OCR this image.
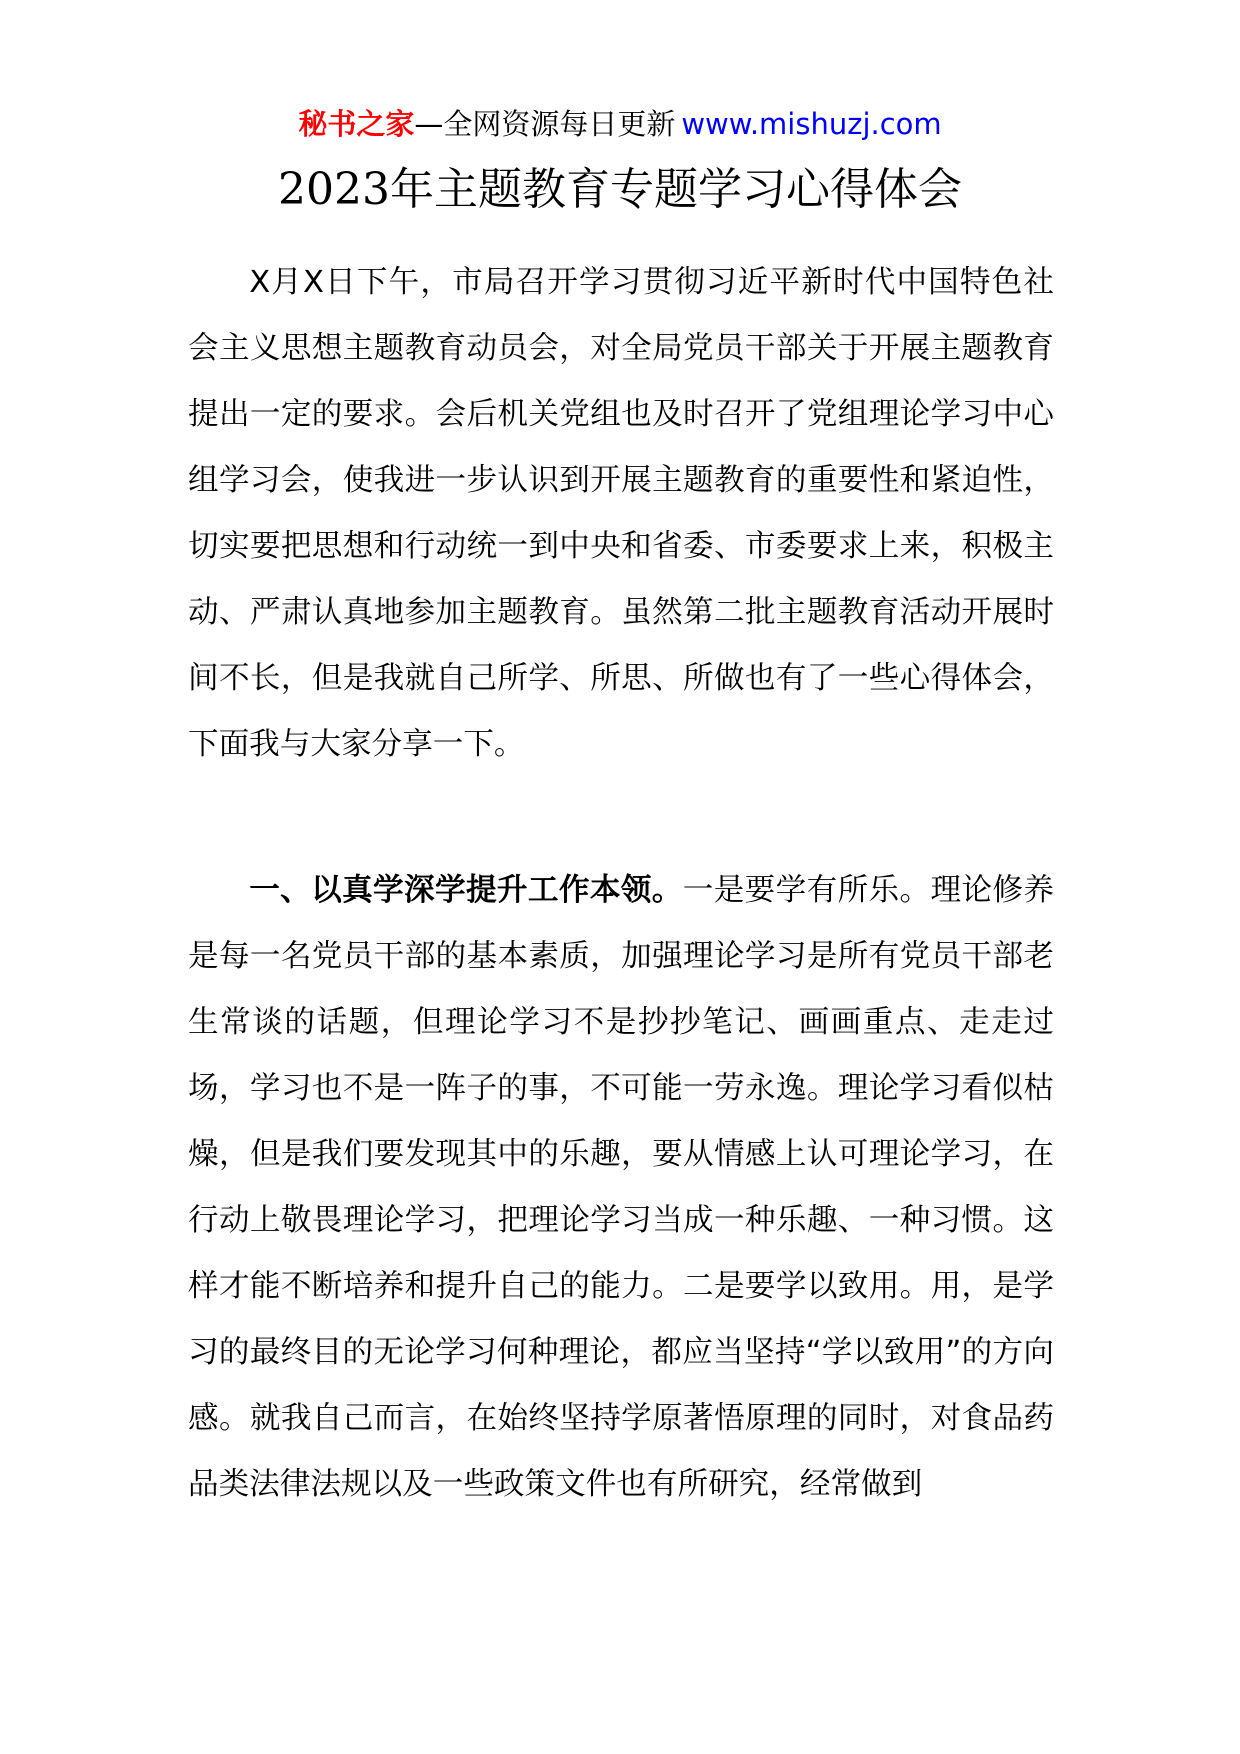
秘书之家—全网资源每日更新 www.mishuzj.com
2023年主题教育专题学习心得体会

X月X日下午，市局召开学习贯彻习近平新时代中国特色社会主义思想主题教育动员会，对全局党员干部关于开展主题教育提出一定的要求。会后机关党组也及时召开了党组理论学习中心组学习会，使我进一步认识到开展主题教育的重要性和紧迫性，切实要把思想和行动统一到中央和省委、市委要求上来，积极主动、严肃认真地参加主题教育。虽然第二批主题教育活动开展时间不长，但是我就自己所学、所思、所做也有了一些心得体会，下面我与大家分享一下。

一、以真学深学提升工作本领。一是要学有所乐。理论修养是每一名党员干部的基本素质，加强理论学习是所有党员干部老生常谈的话题，但理论学习不是抄抄笔记、画画重点、走走过场，学习也不是一阵子的事，不可能一劳永逸。理论学习看似枯燥，但是我们要发现其中的乐趣，要从情感上认可理论学习，在行动上敬畏理论学习，把理论学习当成一种乐趣、一种习惯。这样才能不断培养和提升自己的能力。二是要学以致用。用，是学习的最终目的无论学习何种理论，都应当坚持“学以致用”的方向感。就我自己而言，在始终坚持学原著悟原理的同时，对食品药品类法律法规以及一些政策文件也有所研究，经常做到
